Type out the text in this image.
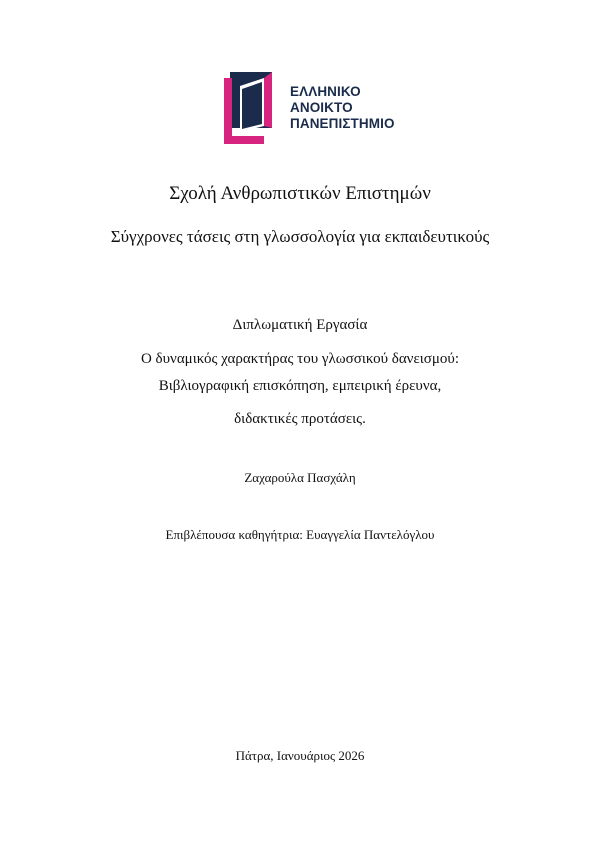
ΕΛΛΗΝΙΚΟ
ΑΝΟΙΚΤΟ
ΠΑΝΕΠΙΣΤΗΜΙΟ
Σχολή Ανθρωπιστικών Επιστημών
Σύγχρονες τάσεις στη γλωσσολογία για εκπαιδευτικούς
Διπλωματική Εργασία
Ο δυναμικός χαρακτήρας του γλωσσικού δανεισμού:
Βιβλιογραφική επισκόπηση, εμπειρική έρευνα,
διδακτικές προτάσεις.
Ζαχαρούλα Πασχάλη
Επιβλέπουσα καθηγήτρια: Ευαγγελία Παντελόγλου
Πάτρα, Ιανουάριος 2026
